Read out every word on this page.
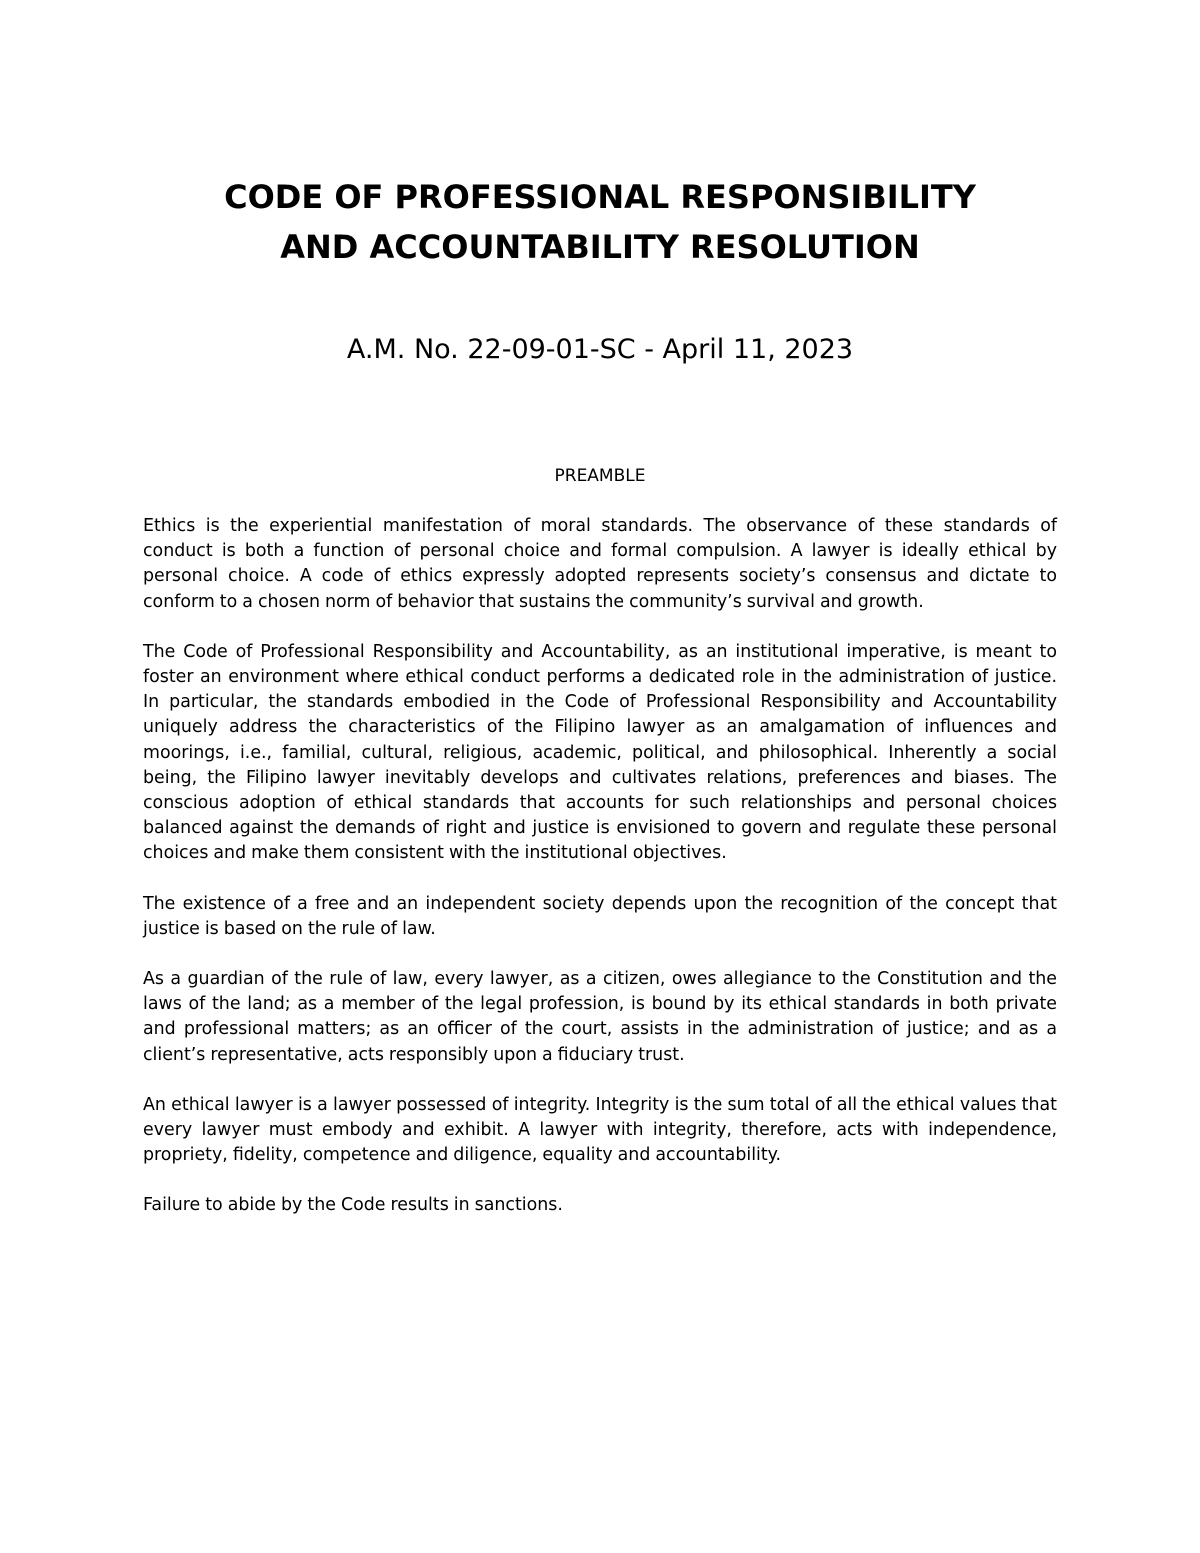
CODE OF PROFESSIONAL RESPONSIBILITY
AND ACCOUNTABILITY RESOLUTION
A.M. No. 22-09-01-SC - April 11, 2023
PREAMBLE

Ethics is the experiential manifestation of moral standards. The observance of these standards of conduct is both a function of personal choice and formal compulsion. A lawyer is ideally ethical by personal choice. A code of ethics expressly adopted represents society’s consensus and dictate to conform to a chosen norm of behavior that sustains the community’s survival and growth.

The Code of Professional Responsibility and Accountability, as an institutional imperative, is meant to foster an environment where ethical conduct performs a dedicated role in the administration of justice. In particular, the standards embodied in the Code of Professional Responsibility and Accountability uniquely address the characteristics of the Filipino lawyer as an amalgamation of influences and moorings, i.e., familial, cultural, religious, academic, political, and philosophical. Inherently a social being, the Filipino lawyer inevitably develops and cultivates relations, preferences and biases. The conscious adoption of ethical standards that accounts for such relationships and personal choices balanced against the demands of right and justice is envisioned to govern and regulate these personal choices and make them consistent with the institutional objectives.

The existence of a free and an independent society depends upon the recognition of the concept that justice is based on the rule of law.

As a guardian of the rule of law, every lawyer, as a citizen, owes allegiance to the Constitution and the laws of the land; as a member of the legal profession, is bound by its ethical standards in both private and professional matters; as an officer of the court, assists in the administration of justice; and as a client’s representative, acts responsibly upon a fiduciary trust.

An ethical lawyer is a lawyer possessed of integrity. Integrity is the sum total of all the ethical values that every lawyer must embody and exhibit. A lawyer with integrity, therefore, acts with independence, propriety, fidelity, competence and diligence, equality and accountability.

Failure to abide by the Code results in sanctions.
